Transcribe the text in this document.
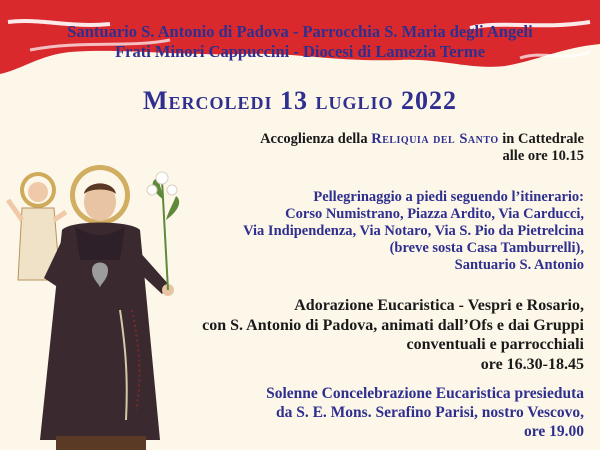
Santuario S. Antonio di Padova - Parrocchia S. Maria degli Angeli
Frati Minori Cappuccini - Diocesi di Lamezia Terme
Mercoledi 13 luglio 2022
Accoglienza della Reliquia del Santo in Cattedrale
alle ore 10.15
Pellegrinaggio a piedi seguendo l’itinerario:
Corso Numistrano, Piazza Ardito, Via Carducci,
Via Indipendenza, Via Notaro, Via S. Pio da Pietrelcina
(breve sosta Casa Tamburrelli),
Santuario S. Antonio
Adorazione Eucaristica - Vespri e Rosario,
con S. Antonio di Padova, animati dall’Ofs e dai Gruppi
conventuali e parrocchiali
ore 16.30-18.45
Solenne Concelebrazione Eucaristica presieduta
da S. E. Mons. Serafino Parisi, nostro Vescovo,
ore 19.00
